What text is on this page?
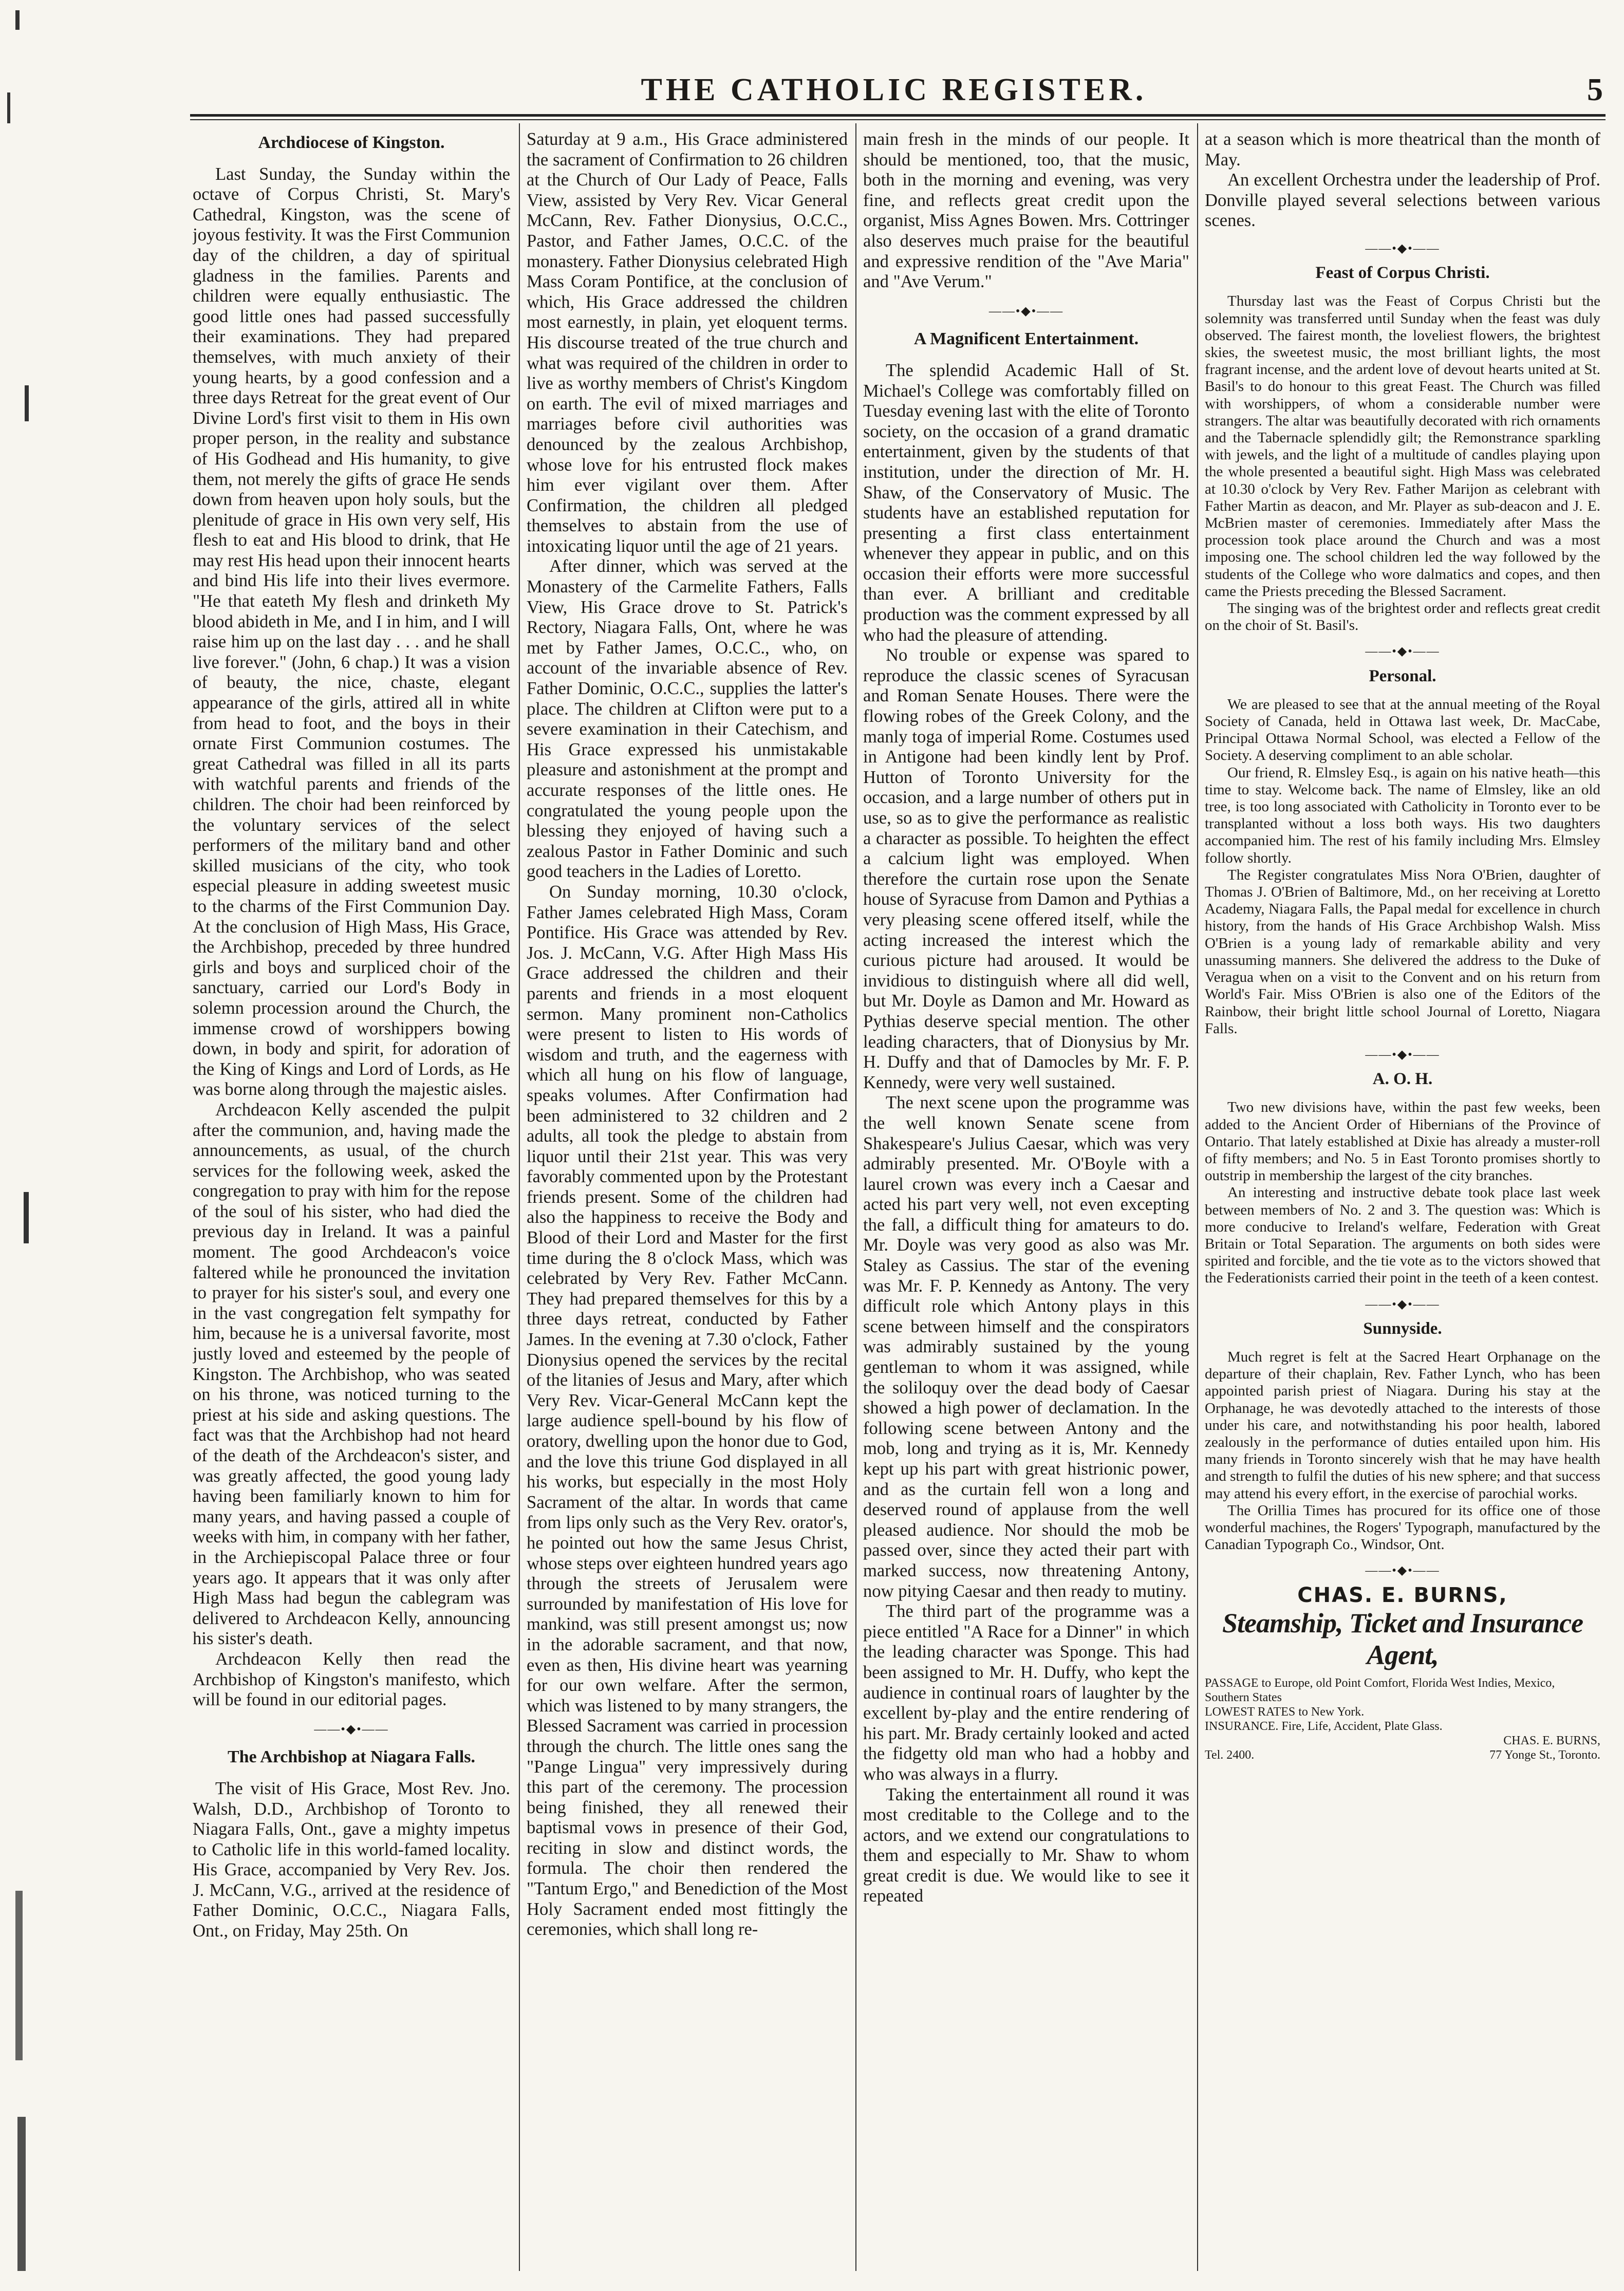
THE CATHOLIC REGISTER.	5
Archdiocese of Kingston.

Last Sunday, the Sunday within the octave of Corpus Christi, St. Mary's Cathedral, Kingston, was the scene of joyous festivity. It was the First Communion day of the children, a day of spiritual gladness in the families. Parents and children were equally enthusiastic. The good little ones had passed successfully their examinations. They had prepared themselves, with much anxiety of their young hearts, by a good confession and a three days Retreat for the great event of Our Divine Lord's first visit to them in His own proper person, in the reality and substance of His Godhead and His humanity, to give them, not merely the gifts of grace He sends down from heaven upon holy souls, but the plenitude of grace in His own very self, His flesh to eat and His blood to drink, that He may rest His head upon their innocent hearts and bind His life into their lives evermore. "He that eateth My flesh and drinketh My blood abideth in Me, and I in him, and I will raise him up on the last day . . . and he shall live forever." (John, 6 chap.) It was a vision of beauty, the nice, chaste, elegant appearance of the girls, attired all in white from head to foot, and the boys in their ornate First Communion costumes. The great Cathedral was filled in all its parts with watchful parents and friends of the children. The choir had been reinforced by the voluntary services of the select performers of the military band and other skilled musicians of the city, who took especial pleasure in adding sweetest music to the charms of the First Communion Day. At the conclusion of High Mass, His Grace, the Archbishop, preceded by three hundred girls and boys and surpliced choir of the sanctuary, carried our Lord's Body in solemn procession around the Church, the immense crowd of worshippers bowing down, in body and spirit, for adoration of the King of Kings and Lord of Lords, as He was borne along through the majestic aisles.

Archdeacon Kelly ascended the pulpit after the communion, and, having made the announcements, as usual, of the church services for the following week, asked the congregation to pray with him for the repose of the soul of his sister, who had died the previous day in Ireland. It was a painful moment. The good Archdeacon's voice faltered while he pronounced the invitation to prayer for his sister's soul, and every one in the vast congregation felt sympathy for him, because he is a universal favorite, most justly loved and esteemed by the people of Kingston. The Archbishop, who was seated on his throne, was noticed turning to the priest at his side and asking questions. The fact was that the Archbishop had not heard of the death of the Archdeacon's sister, and was greatly affected, the good young lady having been familiarly known to him for many years, and having passed a couple of weeks with him, in company with her father, in the Archiepiscopal Palace three or four years ago. It appears that it was only after High Mass had begun the cablegram was delivered to Archdeacon Kelly, announcing his sister's death.

Archdeacon Kelly then read the Archbishop of Kingston's manifesto, which will be found in our editorial pages.

——•◆•——
The Archbishop at Niagara Falls.

The visit of His Grace, Most Rev. Jno. Walsh, D.D., Archbishop of Toronto to Niagara Falls, Ont., gave a mighty impetus to Catholic life in this world-famed locality. His Grace, accompanied by Very Rev. Jos. J. McCann, V.G., arrived at the residence of Father Dominic, O.C.C., Niagara Falls, Ont., on Friday, May 25th. On

Saturday at 9 a.m., His Grace administered the sacrament of Confirmation to 26 children at the Church of Our Lady of Peace, Falls View, assisted by Very Rev. Vicar General McCann, Rev. Father Dionysius, O.C.C., Pastor, and Father James, O.C.C. of the monastery. Father Dionysius celebrated High Mass Coram Pontifice, at the conclusion of which, His Grace addressed the children most earnestly, in plain, yet eloquent terms. His discourse treated of the true church and what was required of the children in order to live as worthy members of Christ's Kingdom on earth. The evil of mixed marriages and marriages before civil authorities was denounced by the zealous Archbishop, whose love for his entrusted flock makes him ever vigilant over them. After Confirmation, the children all pledged themselves to abstain from the use of intoxicating liquor until the age of 21 years.

After dinner, which was served at the Monastery of the Carmelite Fathers, Falls View, His Grace drove to St. Patrick's Rectory, Niagara Falls, Ont, where he was met by Father James, O.C.C., who, on account of the invariable absence of Rev. Father Dominic, O.C.C., supplies the latter's place. The children at Clifton were put to a severe examination in their Catechism, and His Grace expressed his unmistakable pleasure and astonishment at the prompt and accurate responses of the little ones. He congratulated the young people upon the blessing they enjoyed of having such a zealous Pastor in Father Dominic and such good teachers in the Ladies of Loretto.

On Sunday morning, 10.30 o'clock, Father James celebrated High Mass, Coram Pontifice. His Grace was attended by Rev. Jos. J. McCann, V.G. After High Mass His Grace addressed the children and their parents and friends in a most eloquent sermon. Many prominent non-Catholics were present to listen to His words of wisdom and truth, and the eagerness with which all hung on his flow of language, speaks volumes. After Confirmation had been administered to 32 children and 2 adults, all took the pledge to abstain from liquor until their 21st year. This was very favorably commented upon by the Protestant friends present. Some of the children had also the happiness to receive the Body and Blood of their Lord and Master for the first time during the 8 o'clock Mass, which was celebrated by Very Rev. Father McCann. They had prepared themselves for this by a three days retreat, conducted by Father James. In the evening at 7.30 o'clock, Father Dionysius opened the services by the recital of the litanies of Jesus and Mary, after which Very Rev. Vicar-General McCann kept the large audience spell-bound by his flow of oratory, dwelling upon the honor due to God, and the love this triune God displayed in all his works, but especially in the most Holy Sacrament of the altar. In words that came from lips only such as the Very Rev. orator's, he pointed out how the same Jesus Christ, whose steps over eighteen hundred years ago through the streets of Jerusalem were surrounded by manifestation of His love for mankind, was still present amongst us; now in the adorable sacrament, and that now, even as then, His divine heart was yearning for our own welfare. After the sermon, which was listened to by many strangers, the Blessed Sacrament was carried in procession through the church. The little ones sang the "Pange Lingua" very impressively during this part of the ceremony. The procession being finished, they all renewed their baptismal vows in presence of their God, reciting in slow and distinct words, the formula. The choir then rendered the "Tantum Ergo," and Benediction of the Most Holy Sacrament ended most fittingly the ceremonies, which shall long re-

main fresh in the minds of our people. It should be mentioned, too, that the music, both in the morning and evening, was very fine, and reflects great credit upon the organist, Miss Agnes Bowen. Mrs. Cottringer also deserves much praise for the beautiful and expressive rendition of the "Ave Maria" and "Ave Verum."

——•◆•——
A Magnificent Entertainment.

The splendid Academic Hall of St. Michael's College was comfortably filled on Tuesday evening last with the elite of Toronto society, on the occasion of a grand dramatic entertainment, given by the students of that institution, under the direction of Mr. H. Shaw, of the Conservatory of Music. The students have an established reputation for presenting a first class entertainment whenever they appear in public, and on this occasion their efforts were more successful than ever. A brilliant and creditable production was the comment expressed by all who had the pleasure of attending.

No trouble or expense was spared to reproduce the classic scenes of Syracusan and Roman Senate Houses. There were the flowing robes of the Greek Colony, and the manly toga of imperial Rome. Costumes used in Antigone had been kindly lent by Prof. Hutton of Toronto University for the occasion, and a large number of others put in use, so as to give the performance as realistic a character as possible. To heighten the effect a calcium light was employed. When therefore the curtain rose upon the Senate house of Syracuse from Damon and Pythias a very pleasing scene offered itself, while the acting increased the interest which the curious picture had aroused. It would be invidious to distinguish where all did well, but Mr. Doyle as Damon and Mr. Howard as Pythias deserve special mention. The other leading characters, that of Dionysius by Mr. H. Duffy and that of Damocles by Mr. F. P. Kennedy, were very well sustained.

The next scene upon the programme was the well known Senate scene from Shakespeare's Julius Caesar, which was very admirably presented. Mr. O'Boyle with a laurel crown was every inch a Caesar and acted his part very well, not even excepting the fall, a difficult thing for amateurs to do. Mr. Doyle was very good as also was Mr. Staley as Cassius. The star of the evening was Mr. F. P. Kennedy as Antony. The very difficult role which Antony plays in this scene between himself and the conspirators was admirably sustained by the young gentleman to whom it was assigned, while the soliloquy over the dead body of Caesar showed a high power of declamation. In the following scene between Antony and the mob, long and trying as it is, Mr. Kennedy kept up his part with great histrionic power, and as the curtain fell won a long and deserved round of applause from the well pleased audience. Nor should the mob be passed over, since they acted their part with marked success, now threatening Antony, now pitying Caesar and then ready to mutiny.

The third part of the programme was a piece entitled "A Race for a Dinner" in which the leading character was Sponge. This had been assigned to Mr. H. Duffy, who kept the audience in continual roars of laughter by the excellent by-play and the entire rendering of his part. Mr. Brady certainly looked and acted the fidgetty old man who had a hobby and who was always in a flurry.

Taking the entertainment all round it was most creditable to the College and to the actors, and we extend our congratulations to them and especially to Mr. Shaw to whom great credit is due. We would like to see it repeated

at a season which is more theatrical than the month of May.

An excellent Orchestra under the leadership of Prof. Donville played several selections between various scenes.

——•◆•——
Feast of Corpus Christi.

Thursday last was the Feast of Corpus Christi but the solemnity was transferred until Sunday when the feast was duly observed. The fairest month, the loveliest flowers, the brightest skies, the sweetest music, the most brilliant lights, the most fragrant incense, and the ardent love of devout hearts united at St. Basil's to do honour to this great Feast. The Church was filled with worshippers, of whom a considerable number were strangers. The altar was beautifully decorated with rich ornaments and the Tabernacle splendidly gilt; the Remonstrance sparkling with jewels, and the light of a multitude of candles playing upon the whole presented a beautiful sight. High Mass was celebrated at 10.30 o'clock by Very Rev. Father Marijon as celebrant with Father Martin as deacon, and Mr. Player as sub-deacon and J. E. McBrien master of ceremonies. Immediately after Mass the procession took place around the Church and was a most imposing one. The school children led the way followed by the students of the College who wore dalmatics and copes, and then came the Priests preceding the Blessed Sacrament.

The singing was of the brightest order and reflects great credit on the choir of St. Basil's.

——•◆•——
Personal.

We are pleased to see that at the annual meeting of the Royal Society of Canada, held in Ottawa last week, Dr. MacCabe, Principal Ottawa Normal School, was elected a Fellow of the Society. A deserving compliment to an able scholar.

Our friend, R. Elmsley Esq., is again on his native heath—this time to stay. Welcome back. The name of Elmsley, like an old tree, is too long associated with Catholicity in Toronto ever to be transplanted without a loss both ways. His two daughters accompanied him. The rest of his family including Mrs. Elmsley follow shortly.

The Register congratulates Miss Nora O'Brien, daughter of Thomas J. O'Brien of Baltimore, Md., on her receiving at Loretto Academy, Niagara Falls, the Papal medal for excellence in church history, from the hands of His Grace Archbishop Walsh. Miss O'Brien is a young lady of remarkable ability and very unassuming manners. She delivered the address to the Duke of Veragua when on a visit to the Convent and on his return from World's Fair. Miss O'Brien is also one of the Editors of the Rainbow, their bright little school Journal of Loretto, Niagara Falls.

——•◆•——
A. O. H.

Two new divisions have, within the past few weeks, been added to the Ancient Order of Hibernians of the Province of Ontario. That lately established at Dixie has already a muster-roll of fifty members; and No. 5 in East Toronto promises shortly to outstrip in membership the largest of the city branches.

An interesting and instructive debate took place last week between members of No. 2 and 3. The question was: Which is more conducive to Ireland's welfare, Federation with Great Britain or Total Separation. The arguments on both sides were spirited and forcible, and the tie vote as to the victors showed that the Federationists carried their point in the teeth of a keen contest.

——•◆•——
Sunnyside.

Much regret is felt at the Sacred Heart Orphanage on the departure of their chaplain, Rev. Father Lynch, who has been appointed parish priest of Niagara. During his stay at the Orphanage, he was devotedly attached to the interests of those under his care, and notwithstanding his poor health, labored zealously in the performance of duties entailed upon him. His many friends in Toronto sincerely wish that he may have health and strength to fulfil the duties of his new sphere; and that success may attend his every effort, in the exercise of parochial works.

The Orillia Times has procured for its office one of those wonderful machines, the Rogers' Typograph, manufactured by the Canadian Typograph Co., Windsor, Ont.

——•◆•——
CHAS. E. BURNS,
Steamship, Ticket and Insurance Agent,
PASSAGE to Europe, old Point Comfort, Florida West Indies, Mexico, Southern States
LOWEST RATES to New York.
INSURANCE. Fire, Life, Accident, Plate Glass.
CHAS. E. BURNS,
Tel. 2400.	77 Yonge St., Toronto.
